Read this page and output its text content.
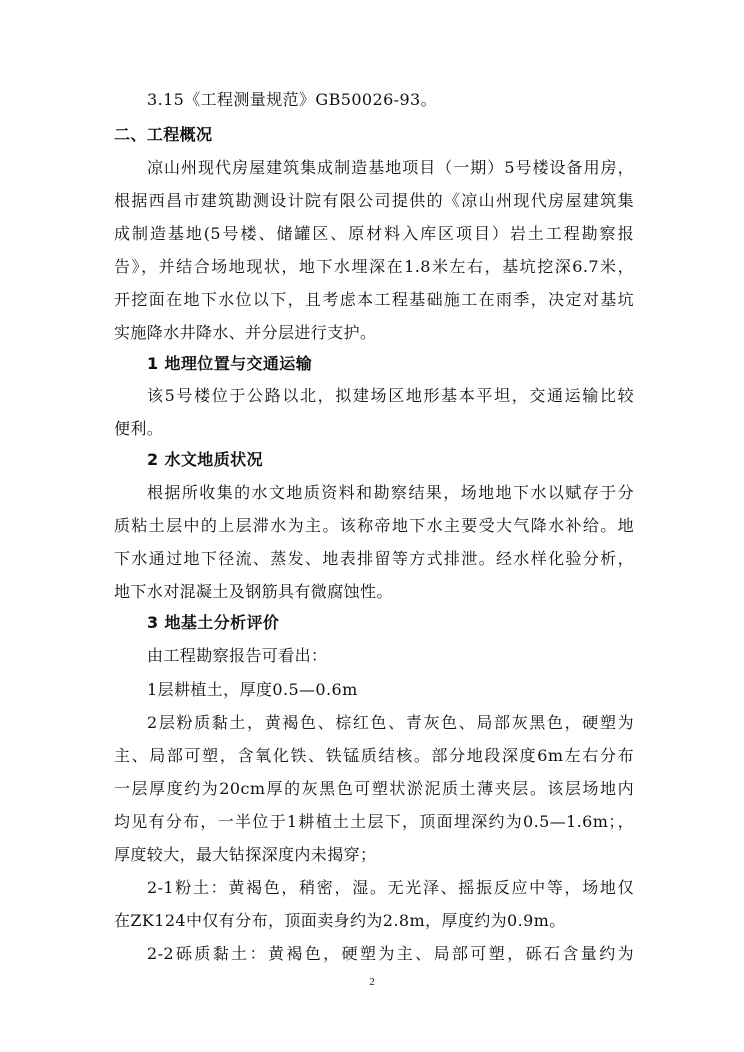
3.15《工程测量规范》GB50026-93。
二、工程概况
凉山州现代房屋建筑集成制造基地项目（一期）5号楼设备用房，
根据西昌市建筑勘测设计院有限公司提供的《凉山州现代房屋建筑集
成制造基地(5号楼、储罐区、原材料入库区项目）岩土工程勘察报
告》，并结合场地现状，地下水埋深在1.8米左右，基坑挖深6.7米，
开挖面在地下水位以下，且考虑本工程基础施工在雨季，决定对基坑
实施降水井降水、并分层进行支护。
1 地理位置与交通运输
该5号楼位于公路以北，拟建场区地形基本平坦，交通运输比较
便利。
2 水文地质状况
根据所收集的水文地质资料和勘察结果，场地地下水以赋存于分
质粘土层中的上层滞水为主。该称帝地下水主要受大气降水补给。地
下水通过地下径流、蒸发、地表排留等方式排泄。经水样化验分析，
地下水对混凝土及钢筋具有微腐蚀性。
3 地基土分析评价
由工程勘察报告可看出：
1层耕植土，厚度0.5—0.6m
2层粉质黏土，黄褐色、棕红色、青灰色、局部灰黑色，硬塑为
主、局部可塑，含氧化铁、铁锰质结核。部分地段深度6m左右分布
一层厚度约为20cm厚的灰黑色可塑状淤泥质土薄夹层。该层场地内
均见有分布，一半位于1耕植土土层下，顶面埋深约为0.5—1.6m；，
厚度较大，最大钻探深度内未揭穿；
2-1粉土：黄褐色，稍密，湿。无光泽、摇振反应中等，场地仅
在ZK124中仅有分布，顶面卖身约为2.8m，厚度约为0.9m。
2-2砾质黏土：黄褐色，硬塑为主、局部可塑，砾石含量约为
2
